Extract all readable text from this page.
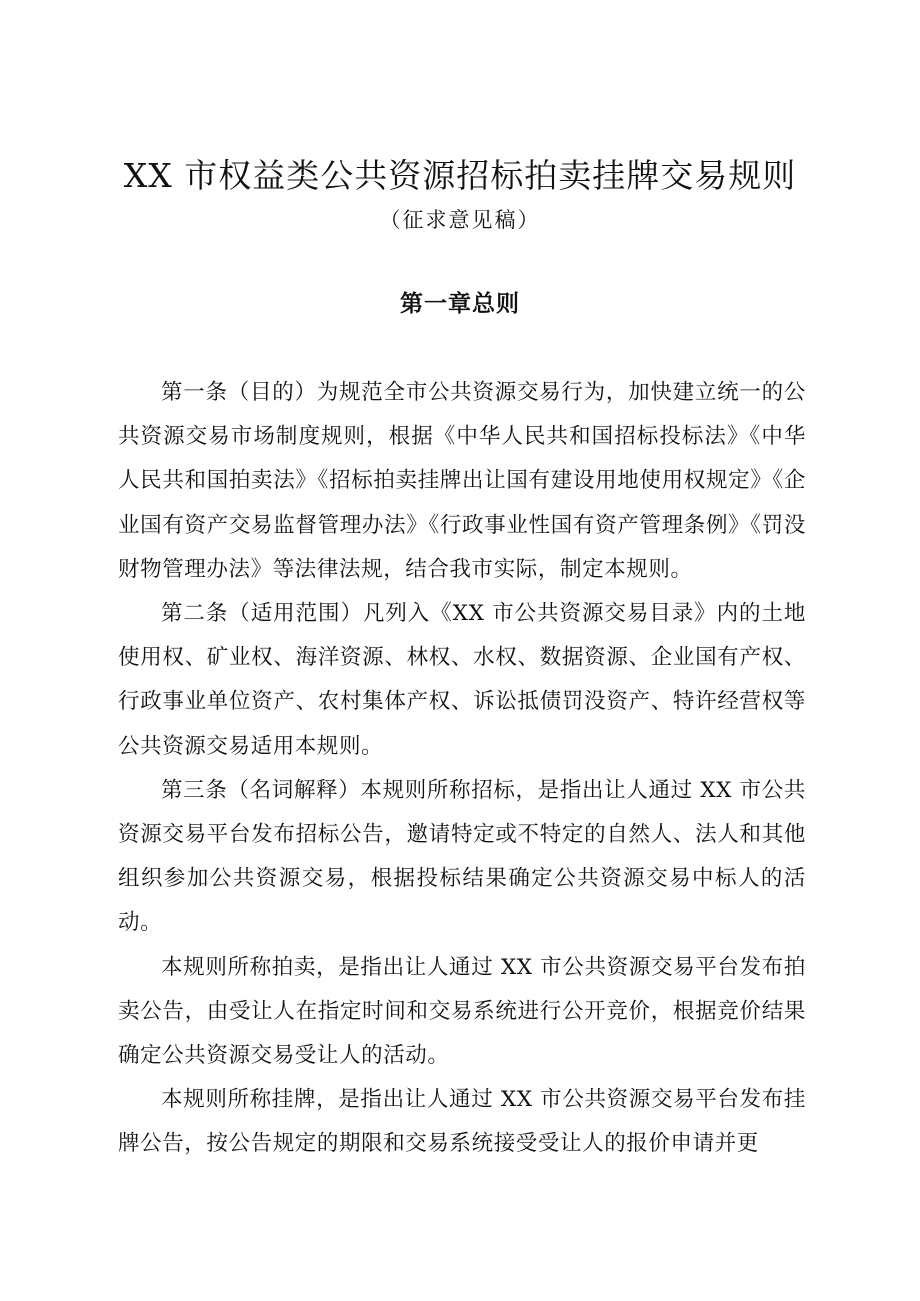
XX 市权益类公共资源招标拍卖挂牌交易规则
（征求意见稿）
第一章总则

第一条（目的）为规范全市公共资源交易行为，加快建立统一的公共资源交易市场制度规则，根据《中华人民共和国招标投标法》《中华人民共和国拍卖法》《招标拍卖挂牌出让国有建设用地使用权规定》《企业国有资产交易监督管理办法》《行政事业性国有资产管理条例》《罚没财物管理办法》等法律法规，结合我市实际，制定本规则。

第二条（适用范围）凡列入《XX 市公共资源交易目录》内的土地使用权、矿业权、海洋资源、林权、水权、数据资源、企业国有产权、行政事业单位资产、农村集体产权、诉讼抵债罚没资产、特许经营权等公共资源交易适用本规则。

第三条（名词解释）本规则所称招标，是指出让人通过 XX 市公共资源交易平台发布招标公告，邀请特定或不特定的自然人、法人和其他组织参加公共资源交易，根据投标结果确定公共资源交易中标人的活动。

本规则所称拍卖，是指出让人通过 XX 市公共资源交易平台发布拍卖公告，由受让人在指定时间和交易系统进行公开竞价，根据竞价结果确定公共资源交易受让人的活动。

本规则所称挂牌，是指出让人通过 XX 市公共资源交易平台发布挂牌公告，按公告规定的期限和交易系统接受受让人的报价申请并更
